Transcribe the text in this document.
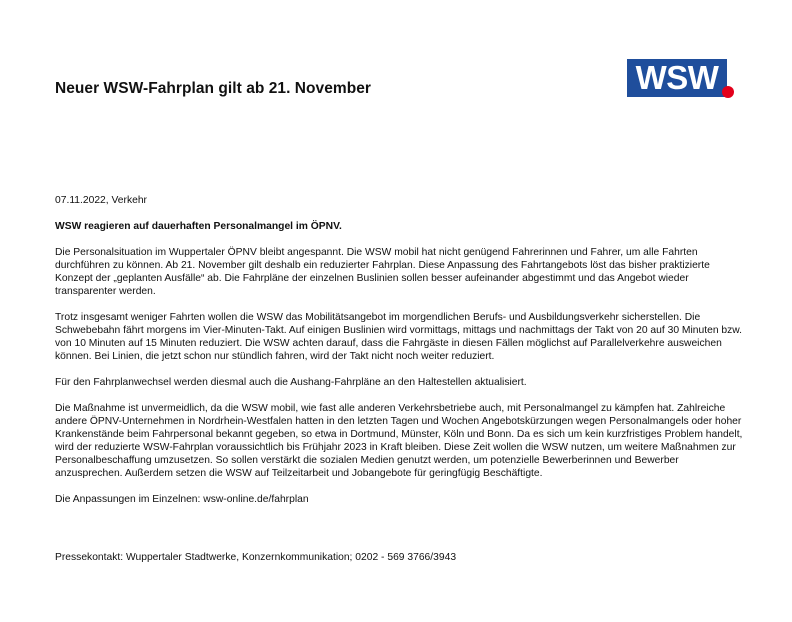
Neuer WSW-Fahrplan gilt ab 21. November	WSW

07.11.2022, Verkehr

WSW reagieren auf dauerhaften Personalmangel im ÖPNV.

Die Personalsituation im Wuppertaler ÖPNV bleibt angespannt. Die WSW mobil hat nicht genügend Fahrerinnen und Fahrer, um alle Fahrten durchführen zu können. Ab 21. November gilt deshalb ein reduzierter Fahrplan. Diese Anpassung des Fahrtangebots löst das bisher praktizierte Konzept der „geplanten Ausfälle“ ab. Die Fahrpläne der einzelnen Buslinien sollen besser aufeinander abgestimmt und das Angebot wieder transparenter werden.

Trotz insgesamt weniger Fahrten wollen die WSW das Mobilitätsangebot im morgendlichen Berufs- und Ausbildungsverkehr sicherstellen. Die Schwebebahn fährt morgens im Vier-Minuten-Takt. Auf einigen Buslinien wird vormittags, mittags und nachmittags der Takt von 20 auf 30 Minuten bzw. von 10 Minuten auf 15 Minuten reduziert. Die WSW achten darauf, dass die Fahrgäste in diesen Fällen möglichst auf Parallelverkehre ausweichen können. Bei Linien, die jetzt schon nur stündlich fahren, wird der Takt nicht noch weiter reduziert.

Für den Fahrplanwechsel werden diesmal auch die Aushang-Fahrpläne an den Haltestellen aktualisiert.

Die Maßnahme ist unvermeidlich, da die WSW mobil, wie fast alle anderen Verkehrsbetriebe auch, mit Personalmangel zu kämpfen hat. Zahlreiche andere ÖPNV-Unternehmen in Nordrhein-Westfalen hatten in den letzten Tagen und Wochen Angebotskürzungen wegen Personalmangels oder hoher Krankenstände beim Fahrpersonal bekannt gegeben, so etwa in Dortmund, Münster, Köln und Bonn. Da es sich um kein kurzfristiges Problem handelt, wird der reduzierte WSW-Fahrplan voraussichtlich bis Frühjahr 2023 in Kraft bleiben. Diese Zeit wollen die WSW nutzen, um weitere Maßnahmen zur Personalbeschaffung umzusetzen. So sollen verstärkt die sozialen Medien genutzt werden, um potenzielle Bewerberinnen und Bewerber anzusprechen. Außerdem setzen die WSW auf Teilzeitarbeit und Jobangebote für geringfügig Beschäftigte.

Die Anpassungen im Einzelnen: wsw-online.de/fahrplan

Pressekontakt: Wuppertaler Stadtwerke, Konzernkommunikation; 0202 - 569 3766/3943
